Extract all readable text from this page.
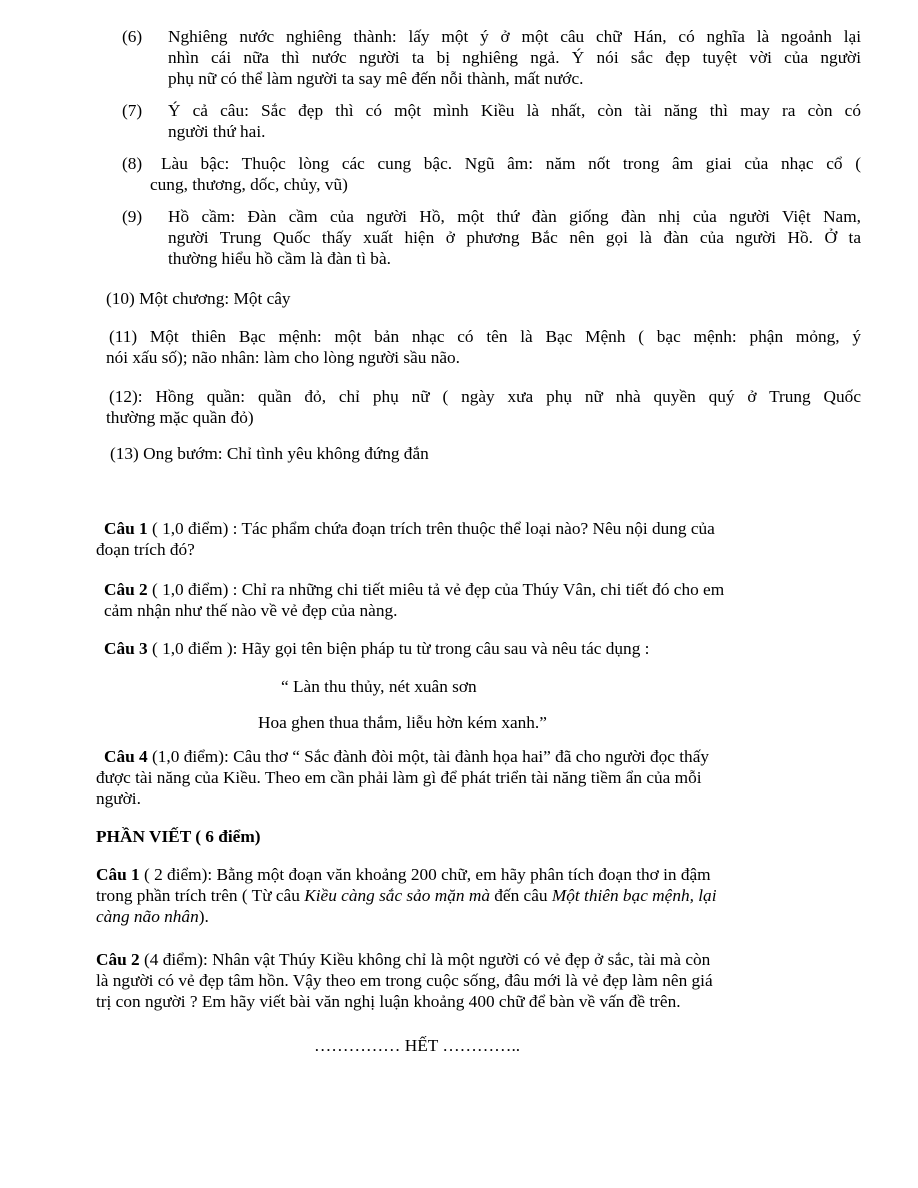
(6) Nghiêng nước nghiêng thành: lấy một ý ở một câu chữ Hán, có nghĩa là ngoảnh lại
nhìn cái nữa thì nước người ta bị nghiêng ngả. Ý nói sắc đẹp tuyệt vời của người
phụ nữ có thể làm người ta say mê đến nỗi thành, mất nước.
(7) Ý cả câu: Sắc đẹp thì có một mình Kiều là nhất, còn tài năng thì may ra còn có
người thứ hai.
(8) Làu bậc: Thuộc lòng các cung bậc. Ngũ âm: năm nốt trong âm giai của nhạc cổ (
cung, thương, dốc, chủy, vũ)
(9) Hồ cầm: Đàn cầm của người Hồ, một thứ đàn giống đàn nhị của người Việt Nam,
người Trung Quốc thấy xuất hiện ở phương Bắc nên gọi là đàn của người Hồ. Ở ta
thường hiểu hồ cầm là đàn tì bà.
(10) Một chương: Một cây
(11) Một thiên Bạc mệnh: một bản nhạc có tên là Bạc Mệnh ( bạc mệnh: phận mỏng, ý
nói xấu số); não nhân: làm cho lòng người sầu não.
(12): Hồng quần: quần đỏ, chỉ phụ nữ ( ngày xưa phụ nữ nhà quyền quý ở Trung Quốc
thường mặc quần đỏ)
(13) Ong bướm: Chỉ tình yêu không đứng đắn
Câu 1 ( 1,0 điểm) : Tác phẩm chứa đoạn trích trên thuộc thể loại nào? Nêu nội dung của
đoạn trích đó?
Câu 2 ( 1,0 điểm) : Chỉ ra những chi tiết miêu tả vẻ đẹp của Thúy Vân, chi tiết đó cho em
cảm nhận như thế nào về vẻ đẹp của nàng.
Câu 3 ( 1,0 điểm ): Hãy gọi tên biện pháp tu từ trong câu sau và nêu tác dụng :
“ Làn thu thủy, nét xuân sơn
Hoa ghen thua thắm, liễu hờn kém xanh.”
Câu 4 (1,0 điểm): Câu thơ “ Sắc đành đòi một, tài đành họa hai” đã cho người đọc thấy
được tài năng của Kiều. Theo em cần phải làm gì để phát triển tài năng tiềm ẩn của mỗi
người.
PHẦN VIẾT ( 6 điểm)
Câu 1 ( 2 điểm): Bằng một đoạn văn khoảng 200 chữ, em hãy phân tích đoạn thơ in đậm
trong phần trích trên ( Từ câu Kiều càng sắc sảo mặn mà đến câu Một thiên bạc mệnh, lại
càng não nhân).
Câu 2 (4 điểm): Nhân vật Thúy Kiều không chỉ là một người có vẻ đẹp ở sắc, tài mà còn
là người có vẻ đẹp tâm hồn. Vậy theo em trong cuộc sống, đâu mới là vẻ đẹp làm nên giá
trị con người ? Em hãy viết bài văn nghị luận khoảng 400 chữ để bàn về vấn đề trên.
…………… HẾT …………..
